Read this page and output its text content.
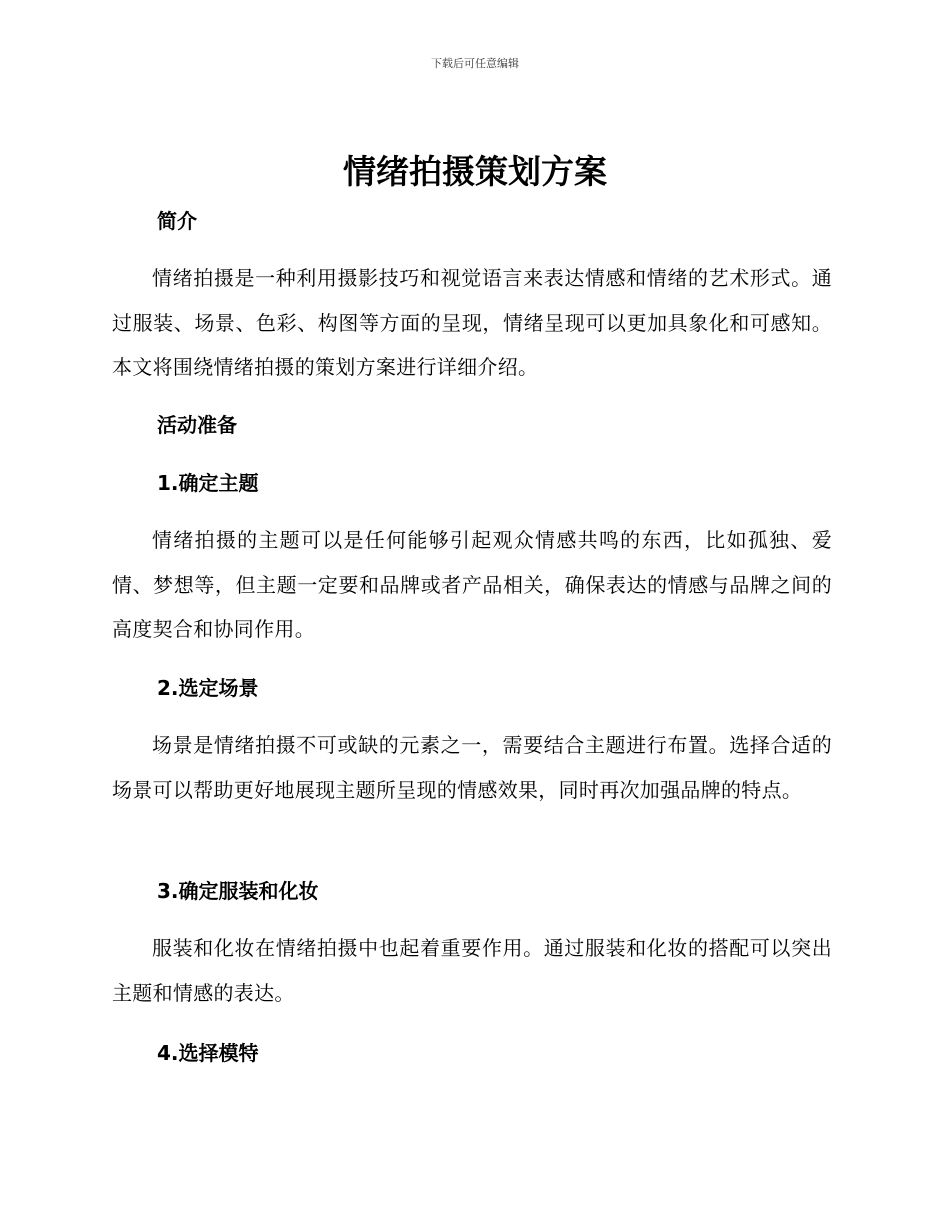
下载后可任意编辑
情绪拍摄策划方案
简介

情绪拍摄是一种利用摄影技巧和视觉语言来表达情感和情绪的艺术形式。通过服装、场景、色彩、构图等方面的呈现，情绪呈现可以更加具象化和可感知。本文将围绕情绪拍摄的策划方案进行详细介绍。

活动准备
1.确定主题

情绪拍摄的主题可以是任何能够引起观众情感共鸣的东西，比如孤独、爱情、梦想等，但主题一定要和品牌或者产品相关，确保表达的情感与品牌之间的高度契合和协同作用。

2.选定场景

场景是情绪拍摄不可或缺的元素之一，需要结合主题进行布置。选择合适的场景可以帮助更好地展现主题所呈现的情感效果，同时再次加强品牌的特点。

3.确定服装和化妆

服装和化妆在情绪拍摄中也起着重要作用。通过服装和化妆的搭配可以突出主题和情感的表达。

4.选择模特
